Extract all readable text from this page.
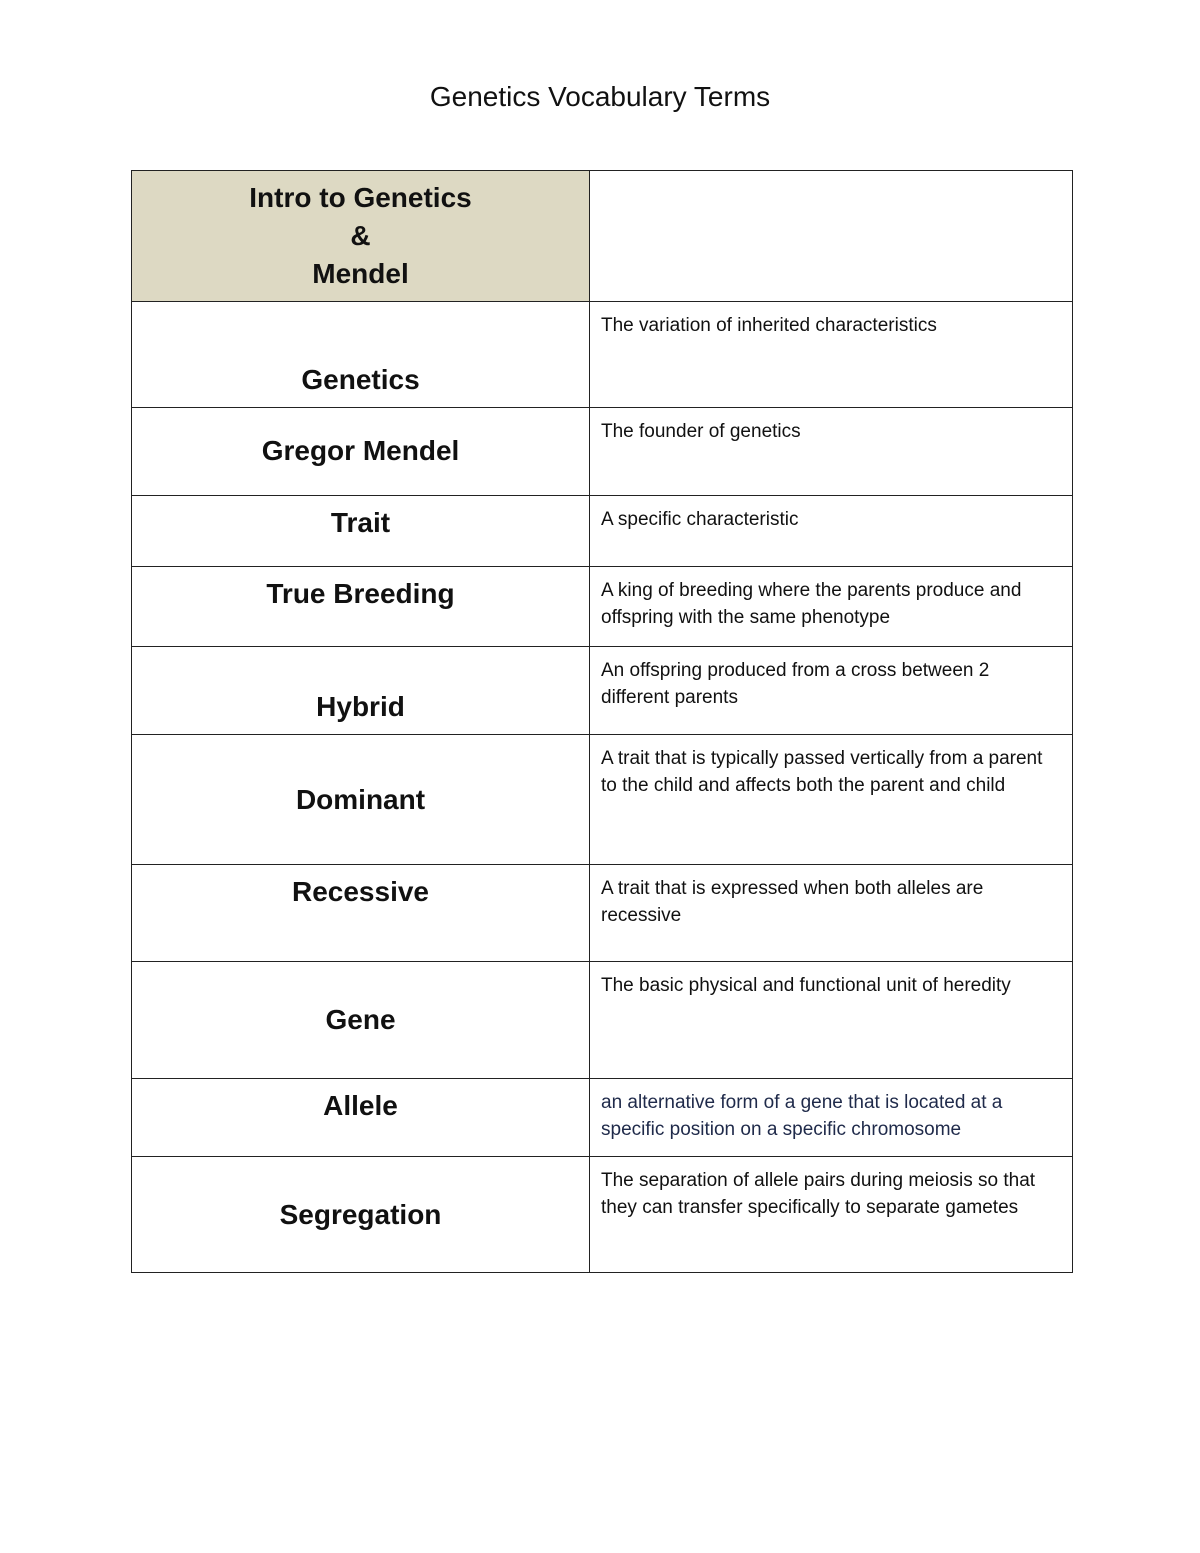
Genetics Vocabulary Terms
Intro to Genetics
&
Mendel	

Genetics	The variation of inherited characteristics
Gregor Mendel	The founder of genetics
Trait	A specific characteristic
True Breeding	A king of breeding where the parents produce and offspring with the same phenotype
Hybrid	An offspring produced from a cross between 2 different parents
Dominant	A trait that is typically passed vertically from a parent to the child and affects both the parent and child
Recessive	A trait that is expressed when both alleles are recessive
Gene	The basic physical and functional unit of heredity
Allele	an alternative form of a gene that is located at a specific position on a specific chromosome
Segregation	The separation of allele pairs during meiosis so that they can transfer specifically to separate gametes
